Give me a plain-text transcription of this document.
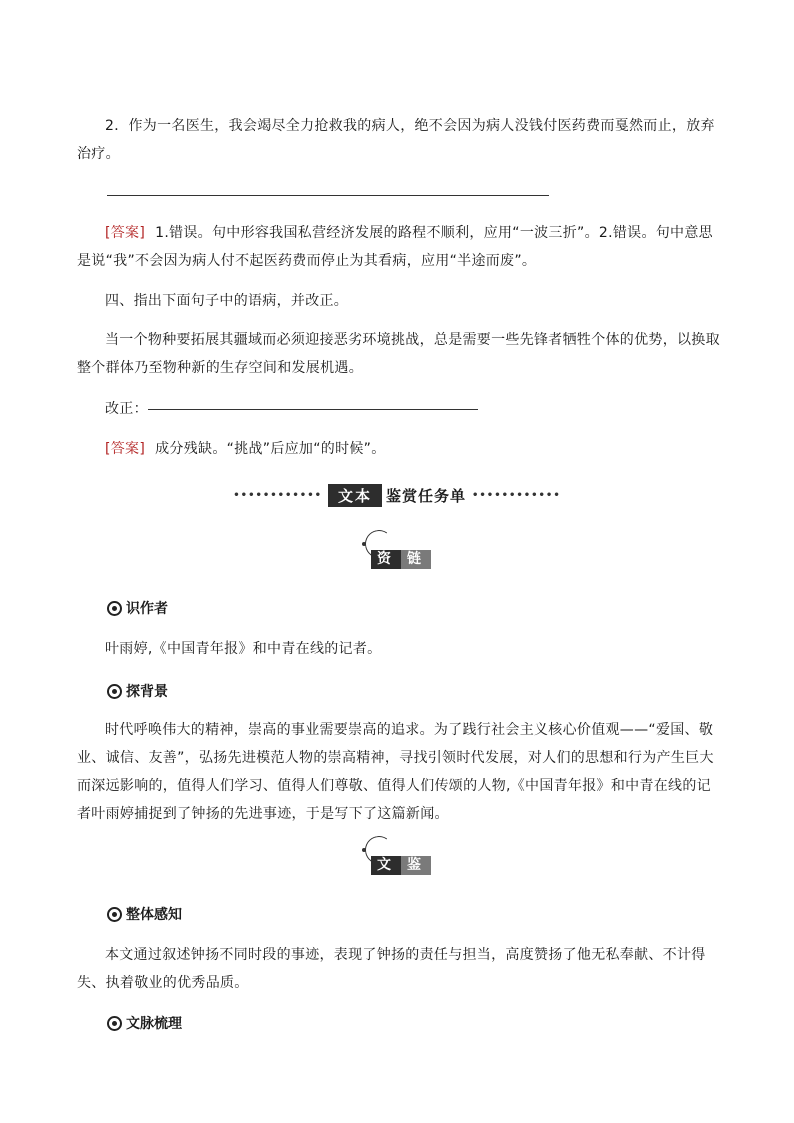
2．作为一名医生，我会竭尽全力抢救我的病人，绝不会因为病人没钱付医药费而戛然而止，放弃治疗。
[答案] 1.错误。句中形容我国私营经济发展的路程不顺利，应用“一波三折”。2.错误。句中意思是说“我”不会因为病人付不起医药费而停止为其看病，应用“半途而废”。
四、指出下面句子中的语病，并改正。
当一个物种要拓展其疆域而必须迎接恶劣环境挑战，总是需要一些先锋者牺牲个体的优势，以换取整个群体乃至物种新的生存空间和发展机遇。
改正：
[答案] 成分残缺。“挑战”后应加“的时候”。
••••••••••••	文本 鉴赏任务单 ••••••••••••
资料
链接
识作者
叶雨婷,《中国青年报》和中青在线的记者。
探背景
时代呼唤伟大的精神，崇高的事业需要崇高的追求。为了践行社会主义核心价值观——“爱国、敬业、诚信、友善”，弘扬先进模范人物的崇高精神，寻找引领时代发展，对人们的思想和行为产生巨大而深远影响的，值得人们学习、值得人们尊敬、值得人们传颂的人物,《中国青年报》和中青在线的记者叶雨婷捕捉到了钟扬的先进事迹，于是写下了这篇新闻。
文本
鉴赏
整体感知
本文通过叙述钟扬不同时段的事迹，表现了钟扬的责任与担当，高度赞扬了他无私奉献、不计得失、执着敬业的优秀品质。
文脉梳理
